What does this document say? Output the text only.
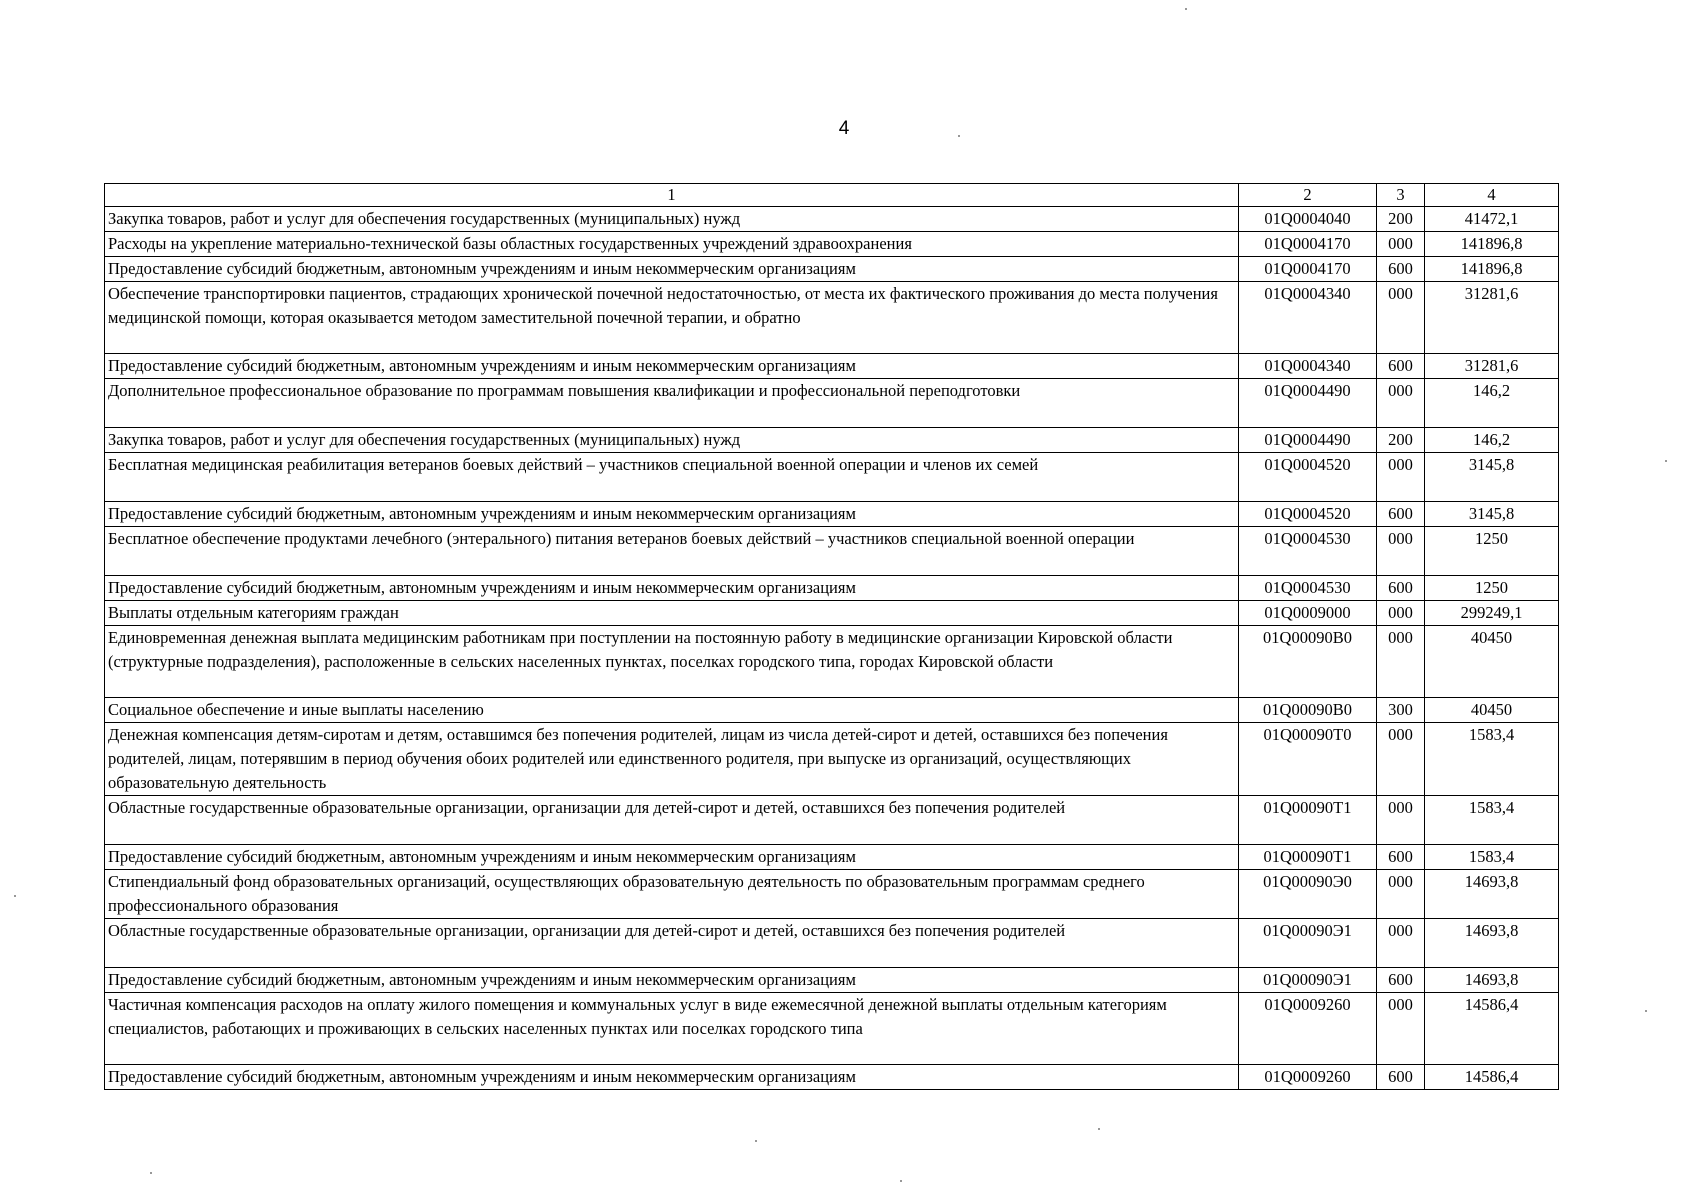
4
1	2	3	4
Закупка товаров, работ и услуг для обеспечения государственных (муниципальных) нужд	01Q0004040	200	41472,1
Расходы на укрепление материально-технической базы областных государственных учреждений здравоохранения	01Q0004170	000	141896,8
Предоставление субсидий бюджетным, автономным учреждениям и иным некоммерческим организациям	01Q0004170	600	141896,8
Обеспечение транспортировки пациентов, страдающих хронической почечной недостаточностью, от места их фактического проживания до места получения медицинской помощи, которая оказывается методом заместительной почечной терапии, и обратно	01Q0004340	000	31281,6
Предоставление субсидий бюджетным, автономным учреждениям и иным некоммерческим организациям	01Q0004340	600	31281,6
Дополнительное профессиональное образование по программам повышения квалификации и профессиональной переподготовки	01Q0004490	000	146,2
Закупка товаров, работ и услуг для обеспечения государственных (муниципальных) нужд	01Q0004490	200	146,2
Бесплатная медицинская реабилитация ветеранов боевых действий – участников специальной военной операции и членов их семей	01Q0004520	000	3145,8
Предоставление субсидий бюджетным, автономным учреждениям и иным некоммерческим организациям	01Q0004520	600	3145,8
Бесплатное обеспечение продуктами лечебного (энтерального) питания ветеранов боевых действий – участников специальной военной операции	01Q0004530	000	1250
Предоставление субсидий бюджетным, автономным учреждениям и иным некоммерческим организациям	01Q0004530	600	1250
Выплаты отдельным категориям граждан	01Q0009000	000	299249,1
Единовременная денежная выплата медицинским работникам при поступлении на постоянную работу в медицинские организации Кировской области (структурные подразделения), расположенные в сельских населенных пунктах, поселках городского типа, городах Кировской области	01Q00090В0	000	40450
Социальное обеспечение и иные выплаты населению	01Q00090В0	300	40450
Денежная компенсация детям-сиротам и детям, оставшимся без попечения родителей, лицам из числа детей-сирот и детей, оставшихся без попечения родителей, лицам, потерявшим в период обучения обоих родителей или единственного родителя, при выпуске из организаций, осуществляющих образовательную деятельность	01Q00090Т0	000	1583,4
Областные государственные образовательные организации, организации для детей-сирот и детей, оставшихся без попечения родителей	01Q00090Т1	000	1583,4
Предоставление субсидий бюджетным, автономным учреждениям и иным некоммерческим организациям	01Q00090Т1	600	1583,4
Стипендиальный фонд образовательных организаций, осуществляющих образовательную деятельность по образовательным программам среднего профессионального образования	01Q00090Э0	000	14693,8
Областные государственные образовательные организации, организации для детей-сирот и детей, оставшихся без попечения родителей	01Q00090Э1	000	14693,8
Предоставление субсидий бюджетным, автономным учреждениям и иным некоммерческим организациям	01Q00090Э1	600	14693,8
Частичная компенсация расходов на оплату жилого помещения и коммунальных услуг в виде ежемесячной денежной выплаты отдельным категориям специалистов, работающих и проживающих в сельских населенных пунктах или поселках городского типа	01Q0009260	000	14586,4
Предоставление субсидий бюджетным, автономным учреждениям и иным некоммерческим организациям	01Q0009260	600	14586,4
